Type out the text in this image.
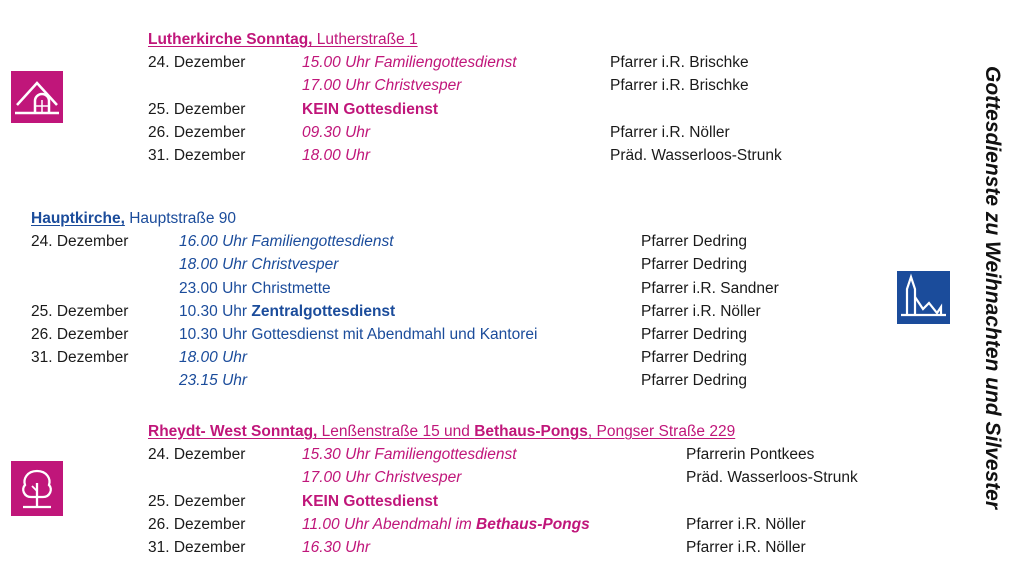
Gottesdienste zu Weihnachten und Silvester
Lutherkirche Sonntag, Lutherstraße 1
24. Dezember	15.00 Uhr Familiengottesdienst	Pfarrer i.R. Brischke
17.00 Uhr Christvesper	Pfarrer i.R. Brischke
25. Dezember	KEIN Gottesdienst
26. Dezember	09.30 Uhr	Pfarrer i.R. Nöller
31. Dezember	18.00 Uhr	Präd. Wasserloos-Strunk
Hauptkirche, Hauptstraße 90
24. Dezember	16.00 Uhr Familiengottesdienst	Pfarrer Dedring
18.00 Uhr Christvesper	Pfarrer Dedring
23.00 Uhr Christmette	Pfarrer i.R. Sandner
25. Dezember	10.30 Uhr Zentralgottesdienst	Pfarrer i.R. Nöller
26. Dezember	10.30 Uhr Gottesdienst mit Abendmahl und Kantorei	Pfarrer Dedring
31. Dezember	18.00 Uhr	Pfarrer Dedring
23.15 Uhr	Pfarrer Dedring
Rheydt- West Sonntag, Lenßenstraße 15 und Bethaus-Pongs, Pongser Straße 229
24. Dezember	15.30 Uhr Familiengottesdienst	Pfarrerin Pontkees
17.00 Uhr Christvesper	Präd. Wasserloos-Strunk
25. Dezember	KEIN Gottesdienst
26. Dezember	11.00 Uhr Abendmahl im Bethaus-Pongs	Pfarrer i.R. Nöller
31. Dezember	16.30 Uhr	Pfarrer i.R. Nöller
